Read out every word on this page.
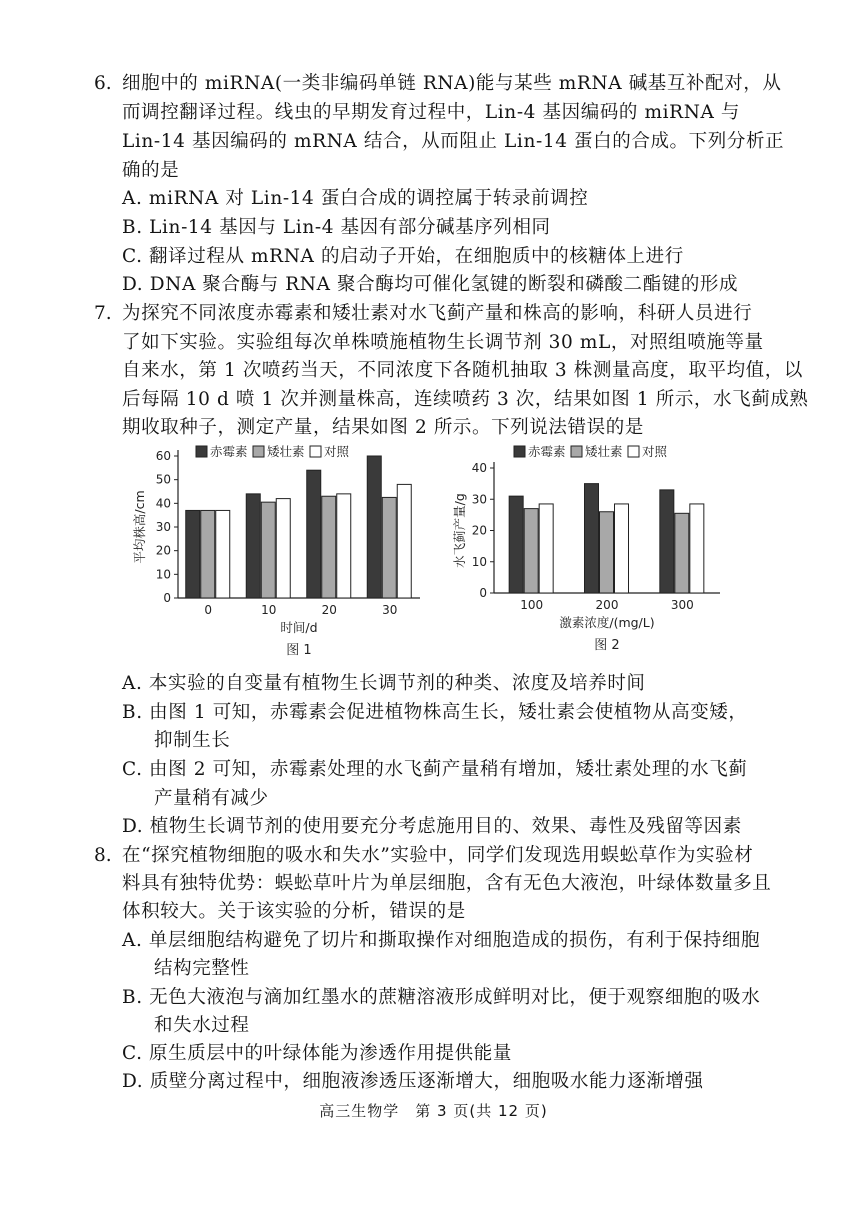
6. 细胞中的 miRNA(一类非编码单链 RNA)能与某些 mRNA 碱基互补配对，从
而调控翻译过程。线虫的早期发育过程中，Lin-4 基因编码的 miRNA 与
Lin-14 基因编码的 mRNA 结合，从而阻止 Lin-14 蛋白的合成。下列分析正
确的是
A. miRNA 对 Lin-14 蛋白合成的调控属于转录前调控
B. Lin-14 基因与 Lin-4 基因有部分碱基序列相同
C. 翻译过程从 mRNA 的启动子开始，在细胞质中的核糖体上进行
D. DNA 聚合酶与 RNA 聚合酶均可催化氢键的断裂和磷酸二酯键的形成
7. 为探究不同浓度赤霉素和矮壮素对水飞蓟产量和株高的影响，科研人员进行
了如下实验。实验组每次单株喷施植物生长调节剂 30 mL，对照组喷施等量
自来水，第 1 次喷药当天，不同浓度下各随机抽取 3 株测量高度，取平均值，以
后每隔 10 d 喷 1 次并测量株高，连续喷药 3 次，结果如图 1 所示，水飞蓟成熟
期收取种子，测定产量，结果如图 2 所示。下列说法错误的是
0
10
20
30
40
50
60
0	10	20	30
时间/d
平均株高/cm
赤霉素 矮壮素 对照
图 1
0
10
20
30
40
100	200	300
激素浓度/(mg/L)
水飞蓟产量/g
赤霉素 矮壮素 对照
图 2
A. 本实验的自变量有植物生长调节剂的种类、浓度及培养时间
B. 由图 1 可知，赤霉素会促进植物株高生长，矮壮素会使植物从高变矮，
抑制生长
C. 由图 2 可知，赤霉素处理的水飞蓟产量稍有增加，矮壮素处理的水飞蓟
产量稍有减少
D. 植物生长调节剂的使用要充分考虑施用目的、效果、毒性及残留等因素
8. 在“探究植物细胞的吸水和失水”实验中，同学们发现选用蜈蚣草作为实验材
料具有独特优势：蜈蚣草叶片为单层细胞，含有无色大液泡，叶绿体数量多且
体积较大。关于该实验的分析，错误的是
A. 单层细胞结构避免了切片和撕取操作对细胞造成的损伤，有利于保持细胞
结构完整性
B. 无色大液泡与滴加红墨水的蔗糖溶液形成鲜明对比，便于观察细胞的吸水
和失水过程
C. 原生质层中的叶绿体能为渗透作用提供能量
D. 质壁分离过程中，细胞液渗透压逐渐增大，细胞吸水能力逐渐增强
高三生物学　第 3 页(共 12 页)
